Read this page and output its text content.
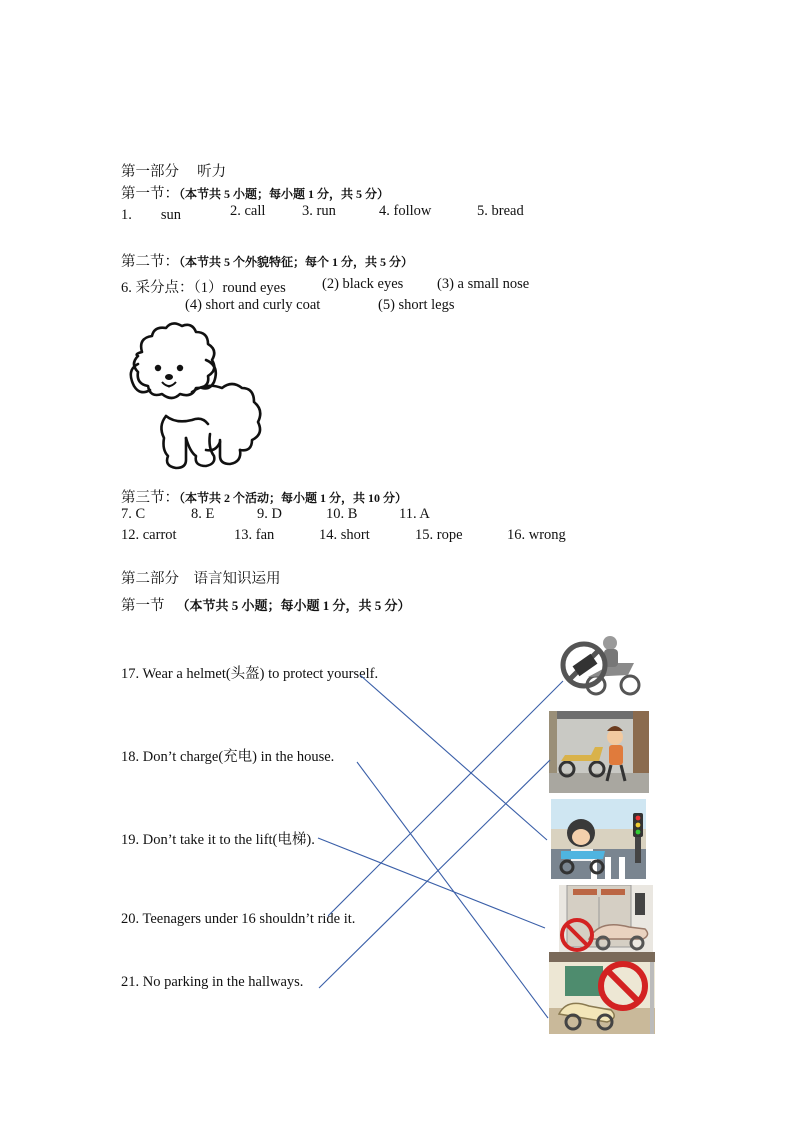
第一部分　 听力
第一节：（本节共 5 小题；每小题 1 分，共 5 分）
1.　　sun	2. call	3. run	4. follow	5. bread
第二节：（本节共 5 个外貌特征；每个 1 分，共 5 分）
6. 采分点：（1）round eyes	(2) black eyes (3) a small nose
(4) short and curly coat	(5) short legs
第三节：（本节共 2 个活动；每小题 1 分，共 10 分）
7. C	8. E	9. D	10. B	11. A
12. carrot	13. fan	14. short	15. rope	16. wrong
第二部分　语言知识运用
第一节 （本节共 5 小题；每小题 1 分，共 5 分）
17. Wear a helmet(头盔) to protect yourself.
18. Don’t charge(充电) in the house.
19. Don’t take it to the lift(电梯).
20. Teenagers under 16 shouldn’t ride it.
21. No parking in the hallways.
